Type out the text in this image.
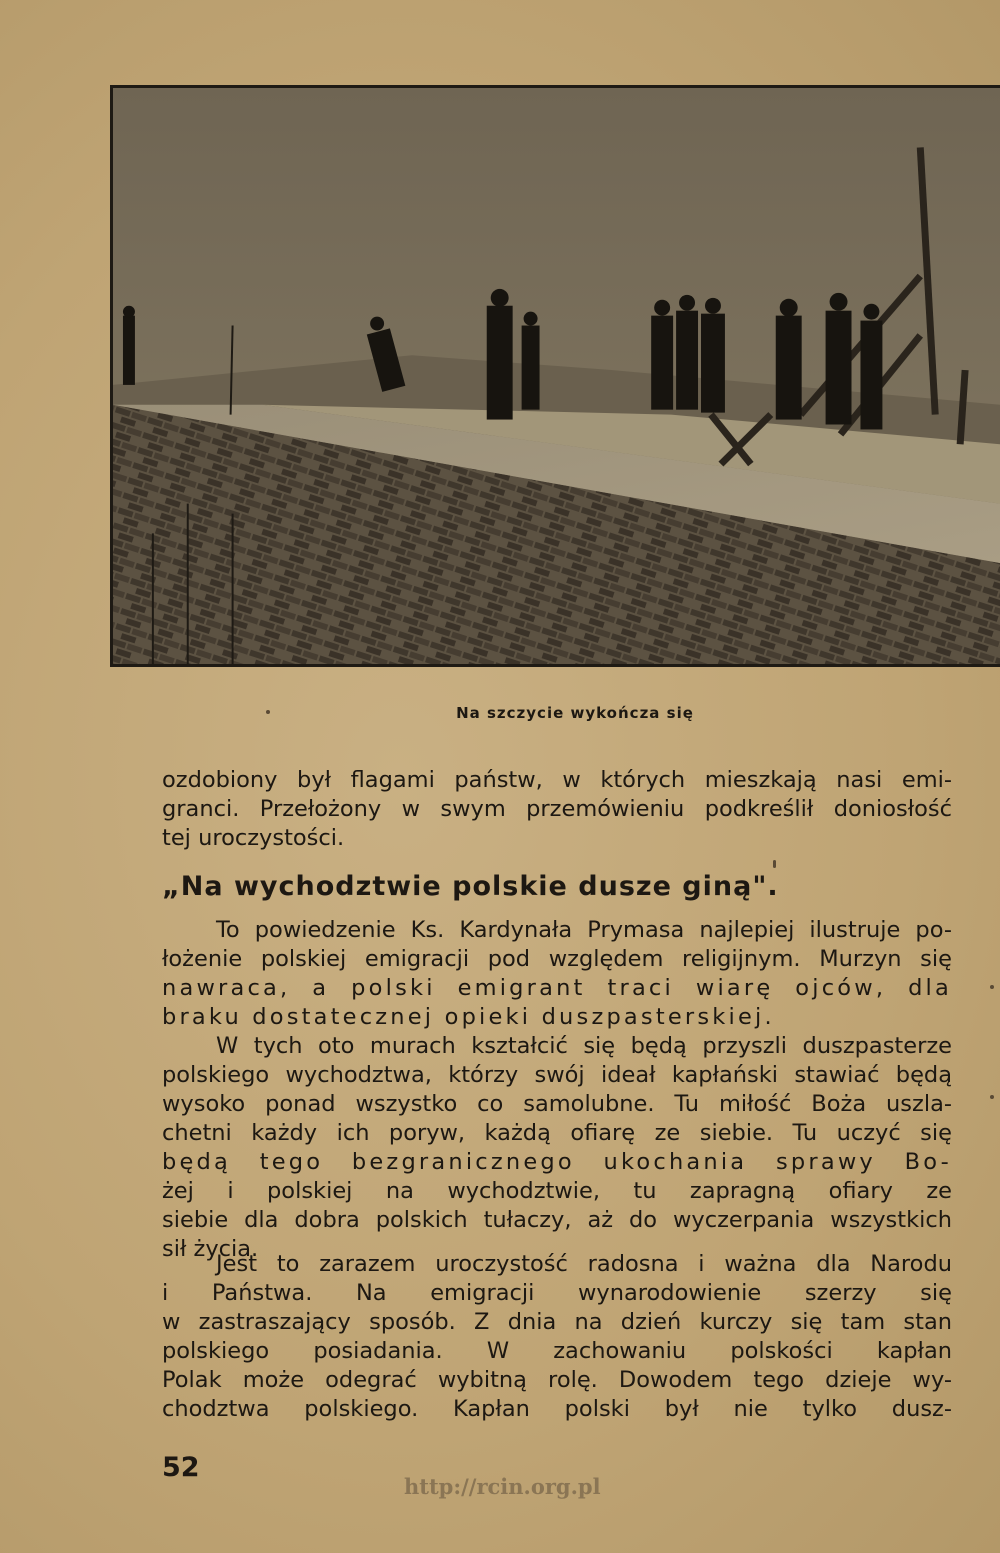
Na szczycie wykończa się
ozdobiony był flagami państw, w których mieszkają nasi emi-
granci. Przełożony w swym przemówieniu podkreślił doniosłość
tej uroczystości.
„Na wychodztwie polskie dusze giną".
To powiedzenie Ks. Kardynała Prymasa najlepiej ilustruje po-
łożenie polskiej emigracji pod względem religijnym. Murzyn się
nawraca, a polski emigrant traci wiarę ojców, dla
braku dostatecznej opieki duszpasterskiej.
W tych oto murach kształcić się będą przyszli duszpasterze
polskiego wychodztwa, którzy swój ideał kapłański stawiać będą
wysoko ponad wszystko co samolubne. Tu miłość Boża uszla-
chetni każdy ich poryw, każdą ofiarę ze siebie. Tu uczyć się
będą tego bezgranicznego ukochania sprawy Bo-
żej i polskiej na wychodztwie, tu zapragną ofiary ze
siebie dla dobra polskich tułaczy, aż do wyczerpania wszystkich
sił życia.
Jest to zarazem uroczystość radosna i ważna dla Narodu
i Państwa. Na emigracji wynarodowienie szerzy się
w zastraszający sposób. Z dnia na dzień kurczy się tam stan
polskiego posiadania. W zachowaniu polskości kapłan
Polak może odegrać wybitną rolę. Dowodem tego dzieje wy-
chodztwa polskiego. Kapłan polski był nie tylko dusz-
52
http://rcin.org.pl
